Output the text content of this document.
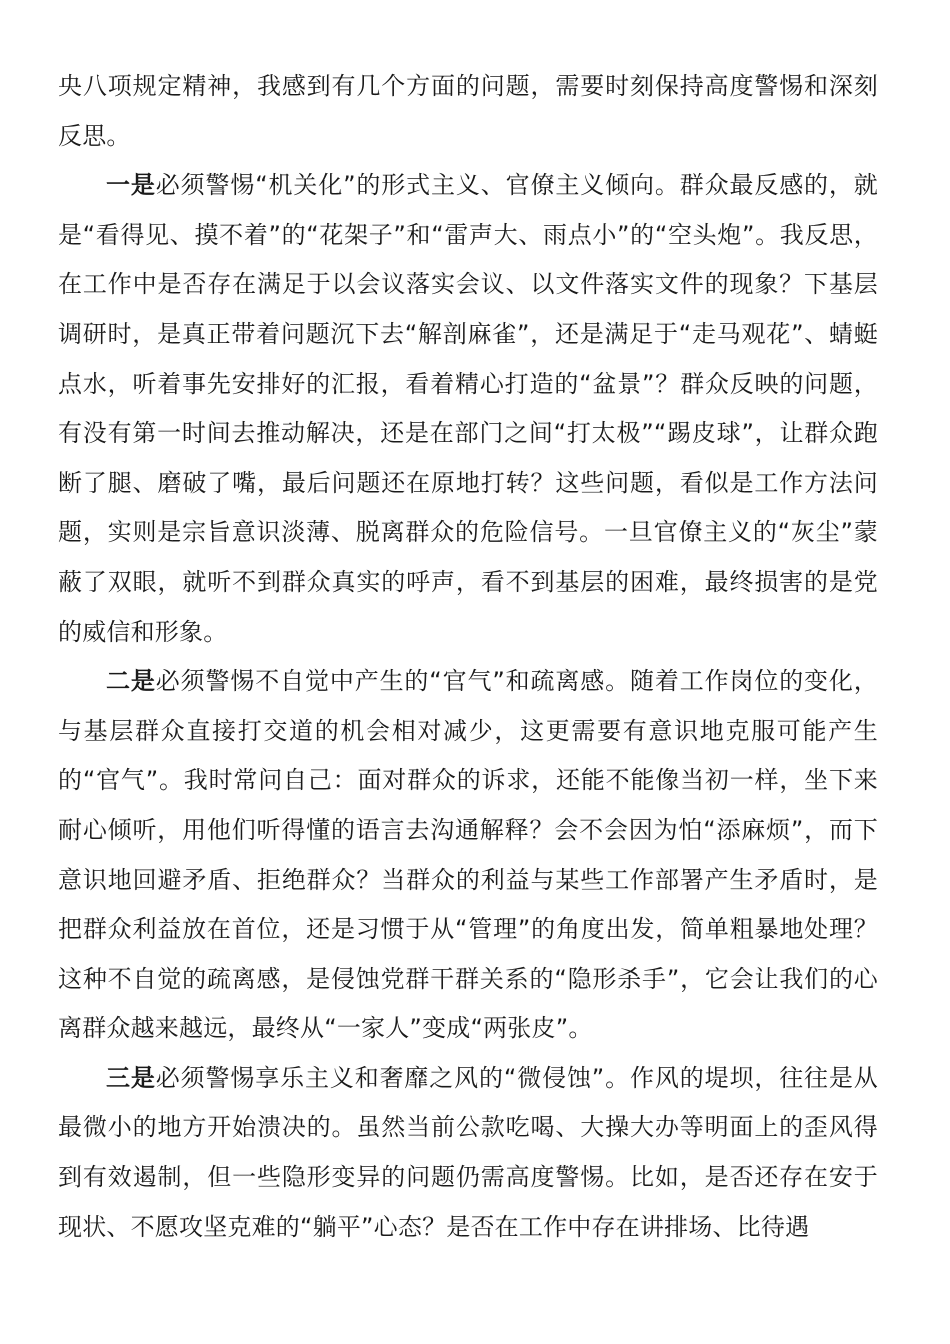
央八项规定精神，我感到有几个方面的问题，需要时刻保持高度警惕和深刻反思。

一是必须警惕“机关化”的形式主义、官僚主义倾向。群众最反感的，就是“看得见、摸不着”的“花架子”和“雷声大、雨点小”的“空头炮”。我反思，在工作中是否存在满足于以会议落实会议、以文件落实文件的现象？下基层调研时，是真正带着问题沉下去“解剖麻雀”，还是满足于“走马观花”、蜻蜓点水，听着事先安排好的汇报，看着精心打造的“盆景”？群众反映的问题，有没有第一时间去推动解决，还是在部门之间“打太极”“踢皮球”，让群众跑断了腿、磨破了嘴，最后问题还在原地打转？这些问题，看似是工作方法问题，实则是宗旨意识淡薄、脱离群众的危险信号。一旦官僚主义的“灰尘”蒙蔽了双眼，就听不到群众真实的呼声，看不到基层的困难，最终损害的是党的威信和形象。

二是必须警惕不自觉中产生的“官气”和疏离感。随着工作岗位的变化，与基层群众直接打交道的机会相对减少，这更需要有意识地克服可能产生的“官气”。我时常问自己：面对群众的诉求，还能不能像当初一样，坐下来耐心倾听，用他们听得懂的语言去沟通解释？会不会因为怕“添麻烦”，而下意识地回避矛盾、拒绝群众？当群众的利益与某些工作部署产生矛盾时，是把群众利益放在首位，还是习惯于从“管理”的角度出发，简单粗暴地处理？这种不自觉的疏离感，是侵蚀党群干群关系的“隐形杀手”，它会让我们的心离群众越来越远，最终从“一家人”变成“两张皮”。

三是必须警惕享乐主义和奢靡之风的“微侵蚀”。作风的堤坝，往往是从最微小的地方开始溃决的。虽然当前公款吃喝、大操大办等明面上的歪风得到有效遏制，但一些隐形变异的问题仍需高度警惕。比如，是否还存在安于现状、不愿攻坚克难的“躺平”心态？是否在工作中存在讲排场、比待遇
